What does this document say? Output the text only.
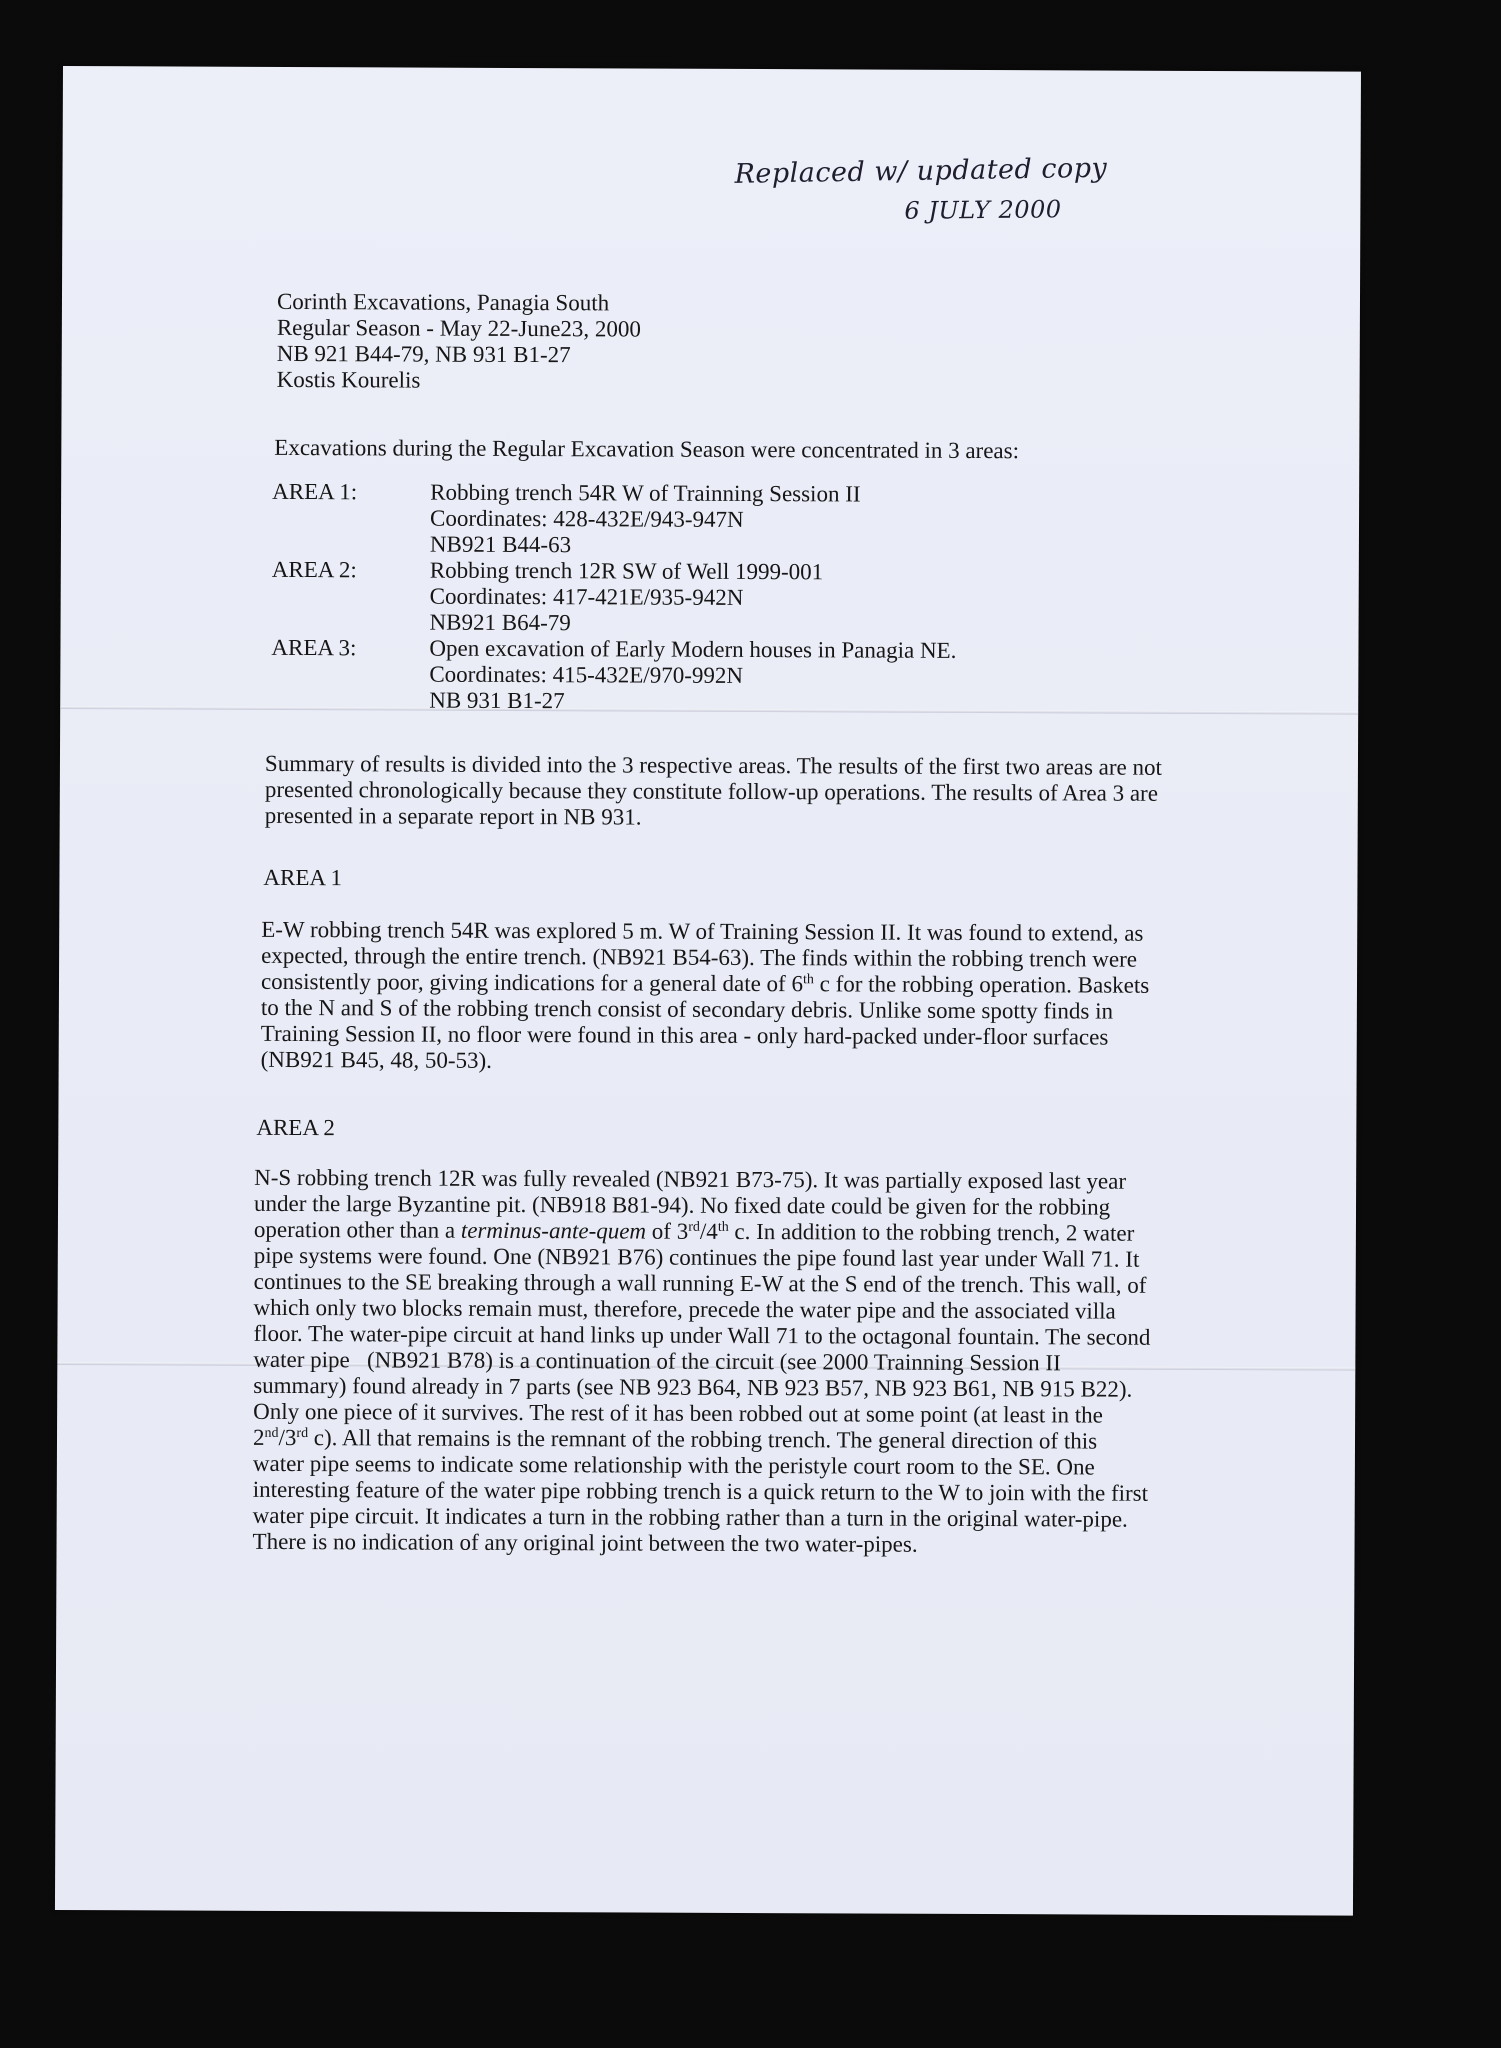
Replaced w/ updated copy
6 JULY 2000
Corinth Excavations, Panagia South
Regular Season - May 22-June23, 2000
NB 921 B44-79, NB 931 B1-27
Kostis Kourelis
Excavations during the Regular Excavation Season were concentrated in 3 areas:
AREA 1:	Robbing trench 54R W of Trainning Session II
Coordinates: 428-432E/943-947N
NB921 B44-63
AREA 2:	Robbing trench 12R SW of Well 1999-001
Coordinates: 417-421E/935-942N
NB921 B64-79
AREA 3:	Open excavation of Early Modern houses in Panagia NE.
Coordinates: 415-432E/970-992N
NB 931 B1-27
Summary of results is divided into the 3 respective areas. The results of the first two areas are not
presented chronologically because they constitute follow-up operations. The results of Area 3 are
presented in a separate report in NB 931.
AREA 1
E-W robbing trench 54R was explored 5 m. W of Training Session II. It was found to extend, as
expected, through the entire trench. (NB921 B54-63). The finds within the robbing trench were
consistently poor, giving indications for a general date of 6th c for the robbing operation. Baskets
to the N and S of the robbing trench consist of secondary debris. Unlike some spotty finds in
Training Session II, no floor were found in this area - only hard-packed under-floor surfaces
(NB921 B45, 48, 50-53).
AREA 2
N-S robbing trench 12R was fully revealed (NB921 B73-75). It was partially exposed last year
under the large Byzantine pit. (NB918 B81-94). No fixed date could be given for the robbing
operation other than a terminus-ante-quem of 3rd/4th c. In addition to the robbing trench, 2 water
pipe systems were found. One (NB921 B76) continues the pipe found last year under Wall 71. It
continues to the SE breaking through a wall running E-W at the S end of the trench. This wall, of
which only two blocks remain must, therefore, precede the water pipe and the associated villa
floor. The water-pipe circuit at hand links up under Wall 71 to the octagonal fountain. The second
water pipe   (NB921 B78) is a continuation of the circuit (see 2000 Trainning Session II
summary) found already in 7 parts (see NB 923 B64, NB 923 B57, NB 923 B61, NB 915 B22).
Only one piece of it survives. The rest of it has been robbed out at some point (at least in the
2nd/3rd c). All that remains is the remnant of the robbing trench. The general direction of this
water pipe seems to indicate some relationship with the peristyle court room to the SE. One
interesting feature of the water pipe robbing trench is a quick return to the W to join with the first
water pipe circuit. It indicates a turn in the robbing rather than a turn in the original water-pipe.
There is no indication of any original joint between the two water-pipes.
